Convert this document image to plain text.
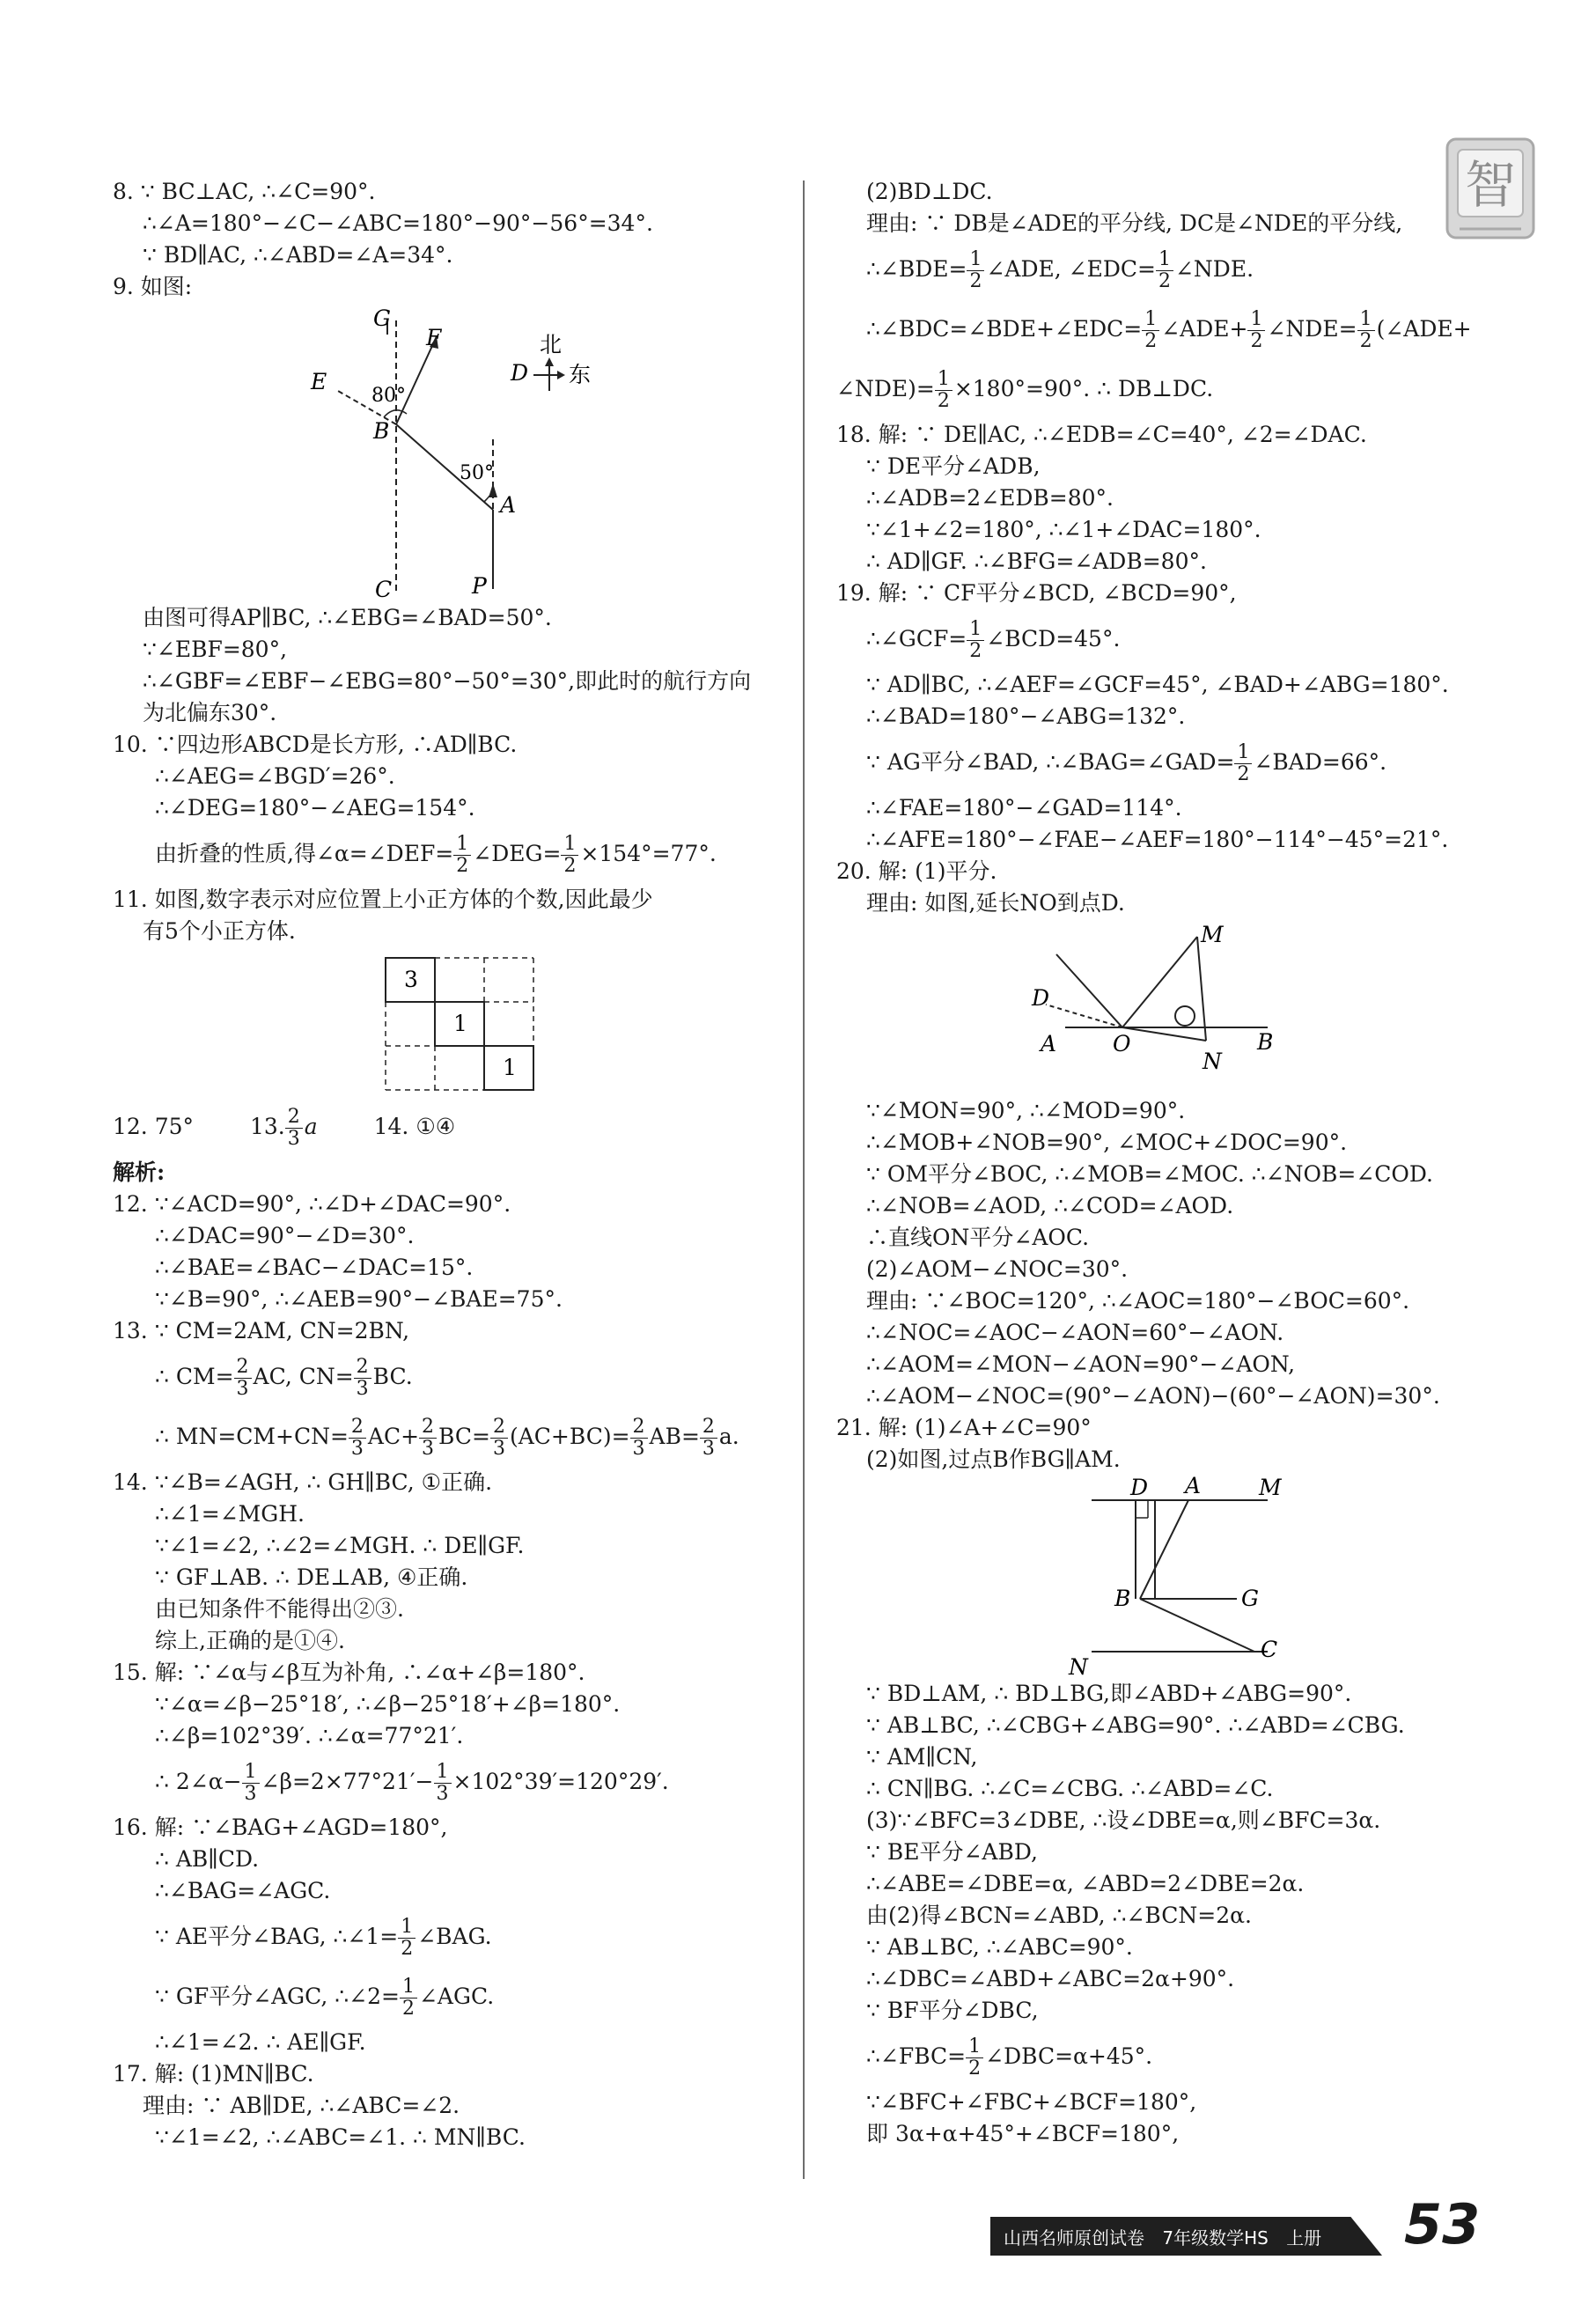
智
8. ∵ BC⊥AC, ∴∠C=90°.
∴∠A=180°−∠C−∠ABC=180°−90°−56°=34°.
∵ BD∥AC, ∴∠ABD=∠A=34°.
9. 如图:
G
F
E
80°
B
北
D 东
50°
A
C	P
由图可得AP∥BC, ∴∠EBG=∠BAD=50°.
∵∠EBF=80°,
∴∠GBF=∠EBF−∠EBG=80°−50°=30°,即此时的航行方向
为北偏东30°.
10. ∵四边形ABCD是长方形, ∴AD∥BC.
∴∠AEG=∠BGD′=26°.
∴∠DEG=180°−∠AEG=154°.
由折叠的性质,得∠α=∠DEF= $\frac{1}{2}$ ∠DEG= $\frac{1}{2} \times 154^\circ=77^\circ$.
11. 如图,数字表示对应位置上小正方体的个数,因此最少
有5个小正方体.
3
1
1
12. 75°	13. $\frac{2}{3}$ a	14. ①④
解析:
12. ∵∠ACD=90°, ∴∠D+∠DAC=90°.
∴∠DAC=90°−∠D=30°.
∴∠BAE=∠BAC−∠DAC=15°.
∵∠B=90°, ∴∠AEB=90°−∠BAE=75°.
13. ∵ CM=2AM, CN=2BN,
∴ $CM= \frac{2}{3}$ AC, $CN= \frac{2}{3}$ BC.
∴ $MN=CM+CN= \frac{2}{3} AC+ \frac{2}{3} BC= \frac{2}{3} (AC+BC)= \frac{2}{3} AB= \frac{2}{3} a$.
14. ∵∠B=∠AGH, ∴ GH∥BC, ①正确.
∴∠1=∠MGH.
∵∠1=∠2, ∴∠2=∠MGH. ∴ DE∥GF.
∵ GF⊥AB. ∴ DE⊥AB, ④正确.
由已知条件不能得出②③.
综上,正确的是①④.
15. 解: ∵∠α与∠β互为补角, ∴∠α+∠β=180°.
∵∠α=∠β−25°18′, ∴∠β−25°18′+∠β=180°.
∴∠β=102°39′. ∴∠α=77°21′.
∴ 2∠α− $\frac{1}{3}$ ∠β=2×77°21′− $\frac{1}{3} \times 102^\circ 39'=120^\circ 29'$.
16. 解: ∵∠BAG+∠AGD=180°,
∴ AB∥CD.
∴∠BAG=∠AGC.
∵ AE平分∠BAG, ∴∠1= $\frac{1}{2}$ ∠BAG.
∵ GF平分∠AGC, ∴∠2= $\frac{1}{2}$ ∠AGC.
∴∠1=∠2. ∴ AE∥GF.
17. 解: (1)MN∥BC.
理由: ∵ AB∥DE, ∴∠ABC=∠2.
∵∠1=∠2, ∴∠ABC=∠1. ∴ MN∥BC.
(2)BD⊥DC.
理由: ∵ DB是∠ADE的平分线, DC是∠NDE的平分线,
∴∠BDE= $\frac{1}{2}$ ∠ADE, ∠EDC= $\frac{1}{2}$ ∠NDE.
∴∠BDC=∠BDE+∠EDC= $\frac{1}{2}$ ∠ADE+ $\frac{1}{2}$ ∠NDE= $\frac{1}{2}$ (∠ADE+
∠NDE)= $\frac{1}{2} \times 180^\circ=90^\circ$. ∴ DB⊥DC.
18. 解: ∵ DE∥AC, ∴∠EDB=∠C=40°, ∠2=∠DAC.
∵ DE平分∠ADB,
∴∠ADB=2∠EDB=80°.
∵∠1+∠2=180°, ∴∠1+∠DAC=180°.
∴ AD∥GF. ∴∠BFG=∠ADB=80°.
19. 解: ∵ CF平分∠BCD, ∠BCD=90°,
∴∠GCF= $\frac{1}{2}$ ∠BCD=45°.
∵ AD∥BC, ∴∠AEF=∠GCF=45°, ∠BAD+∠ABG=180°.
∴∠BAD=180°−∠ABG=132°.
∵ AG平分∠BAD, ∴∠BAG=∠GAD= $\frac{1}{2}$ ∠BAD=66°.
∴∠FAE=180°−∠GAD=114°.
∴∠AFE=180°−∠FAE−∠AEF=180°−114°−45°=21°.
20. 解: (1)平分.
理由: 如图,延长NO到点D.
M
D
A	O	B
N
∵∠MON=90°, ∴∠MOD=90°.
∴∠MOB+∠NOB=90°, ∠MOC+∠DOC=90°.
∵ OM平分∠BOC, ∴∠MOB=∠MOC. ∴∠NOB=∠COD.
∴∠NOB=∠AOD, ∴∠COD=∠AOD.
∴直线ON平分∠AOC.
(2)∠AOM−∠NOC=30°.
理由: ∵∠BOC=120°, ∴∠AOC=180°−∠BOC=60°.
∴∠NOC=∠AOC−∠AON=60°−∠AON.
∴∠AOM=∠MON−∠AON=90°−∠AON,
∴∠AOM−∠NOC=(90°−∠AON)−(60°−∠AON)=30°.
21. 解: (1)∠A+∠C=90°
(2)如图,过点B作BG∥AM.
D A	M
B	G
C
N
∵ BD⊥AM, ∴ BD⊥BG,即∠ABD+∠ABG=90°.
∵ AB⊥BC, ∴∠CBG+∠ABG=90°. ∴∠ABD=∠CBG.
∵ AM∥CN,
∴ CN∥BG. ∴∠C=∠CBG. ∴∠ABD=∠C.
(3)∵∠BFC=3∠DBE, ∴设∠DBE=α,则∠BFC=3α.
∵ BE平分∠ABD,
∴∠ABE=∠DBE=α, ∠ABD=2∠DBE=2α.
由(2)得∠BCN=∠ABD, ∴∠BCN=2α.
∵ AB⊥BC, ∴∠ABC=90°.
∴∠DBC=∠ABD+∠ABC=2α+90°.
∵ BF平分∠DBC,
∴∠FBC= $\frac{1}{2}$ ∠DBC=α+45°.
∵∠BFC+∠FBC+∠BCF=180°,
即 3α+α+45°+∠BCF=180°,
山西名师原创试卷 7年级数学HS 上册 53
